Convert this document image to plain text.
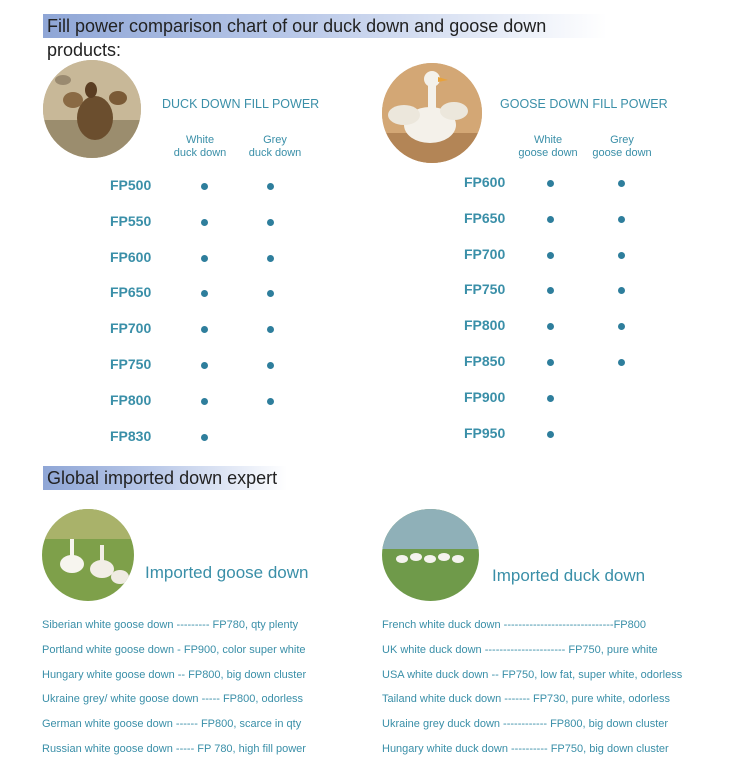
Fill power comparison chart of our duck down and goose down products:
DUCK DOWN FILL POWER
White
duck down
Grey
duck down
FP500
FP550
FP600
FP650
FP700
FP750
FP800
FP830
GOOSE DOWN FILL POWER
White
goose down
Grey
goose down
FP600
FP650
FP700
FP750
FP800
FP850
FP900
FP950
Global imported down expert
Imported goose down
Siberian white goose down --------- FP780, qty plenty
Portland white goose down - FP900, color super white
Hungary white goose down -- FP800, big down cluster
Ukraine grey/ white goose down ----- FP800, odorless
German white goose down ------ FP800, scarce in qty
Russian white goose down ----- FP 780, high fill power
Imported duck down
French white duck down ------------------------------FP800
UK white duck down ---------------------- FP750, pure white
USA white duck down -- FP750, low fat, super white, odorless
Tailand white duck down ------- FP730, pure white, odorless
Ukraine grey duck down ------------ FP800, big down cluster
Hungary white duck down ---------- FP750, big down cluster
